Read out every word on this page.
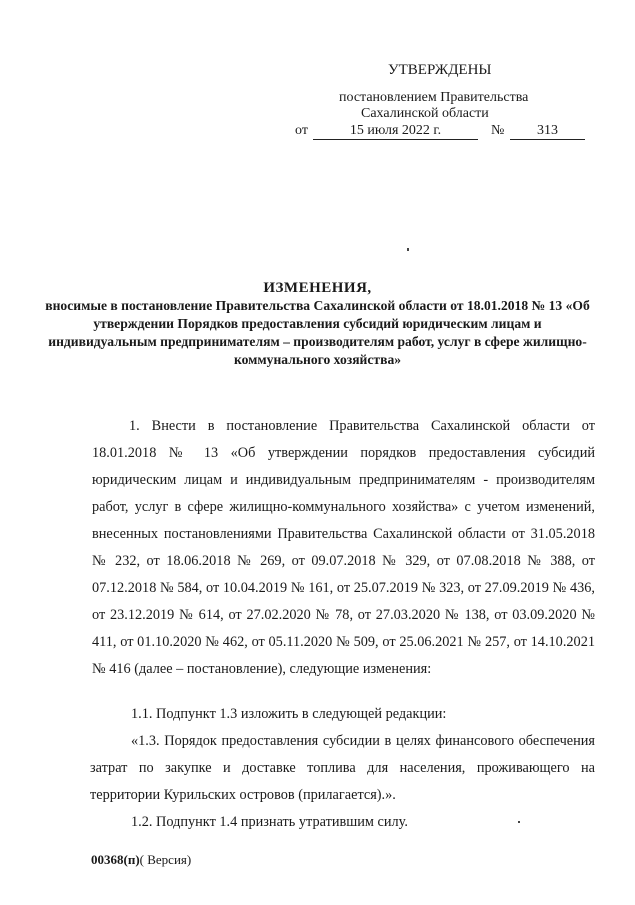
УТВЕРЖДЕНЫ
постановлением Правительства
Сахалинской области
от	15 июля 2022 г.	№	313
ИЗМЕНЕНИЯ,
вносимые в постановление Правительства Сахалинской области от 18.01.2018 № 13 «Об утверждении Порядков предоставления субсидий юридическим лицам и индивидуальным предпринимателям – производителям работ, услуг в сфере жилищно-коммунального хозяйства»
1. Внести в постановление Правительства Сахалинской области от 18.01.2018 № 13 «Об утверждении порядков предоставления субсидий юридическим лицам и индивидуальным предпринимателям - производителям работ, услуг в сфере жилищно-коммунального хозяйства» с учетом изменений, внесенных постановлениями Правительства Сахалинской области от 31.05.2018 № 232, от 18.06.2018 № 269, от 09.07.2018 № 329, от 07.08.2018 № 388, от 07.12.2018 № 584, от 10.04.2019 № 161, от 25.07.2019 № 323, от 27.09.2019 № 436, от 23.12.2019 № 614, от 27.02.2020 № 78, от 27.03.2020 № 138, от 03.09.2020 № 411, от 01.10.2020 № 462, от 05.11.2020 № 509, от 25.06.2021 № 257, от 14.10.2021 № 416 (далее – постановление), следующие изменения:
1.1. Подпункт 1.3 изложить в следующей редакции:
«1.3. Порядок предоставления субсидии в целях финансового обеспечения затрат по закупке и доставке топлива для населения, проживающего на территории Курильских островов (прилагается).».
1.2. Подпункт 1.4 признать утратившим силу.
00368(п)( Версия)
